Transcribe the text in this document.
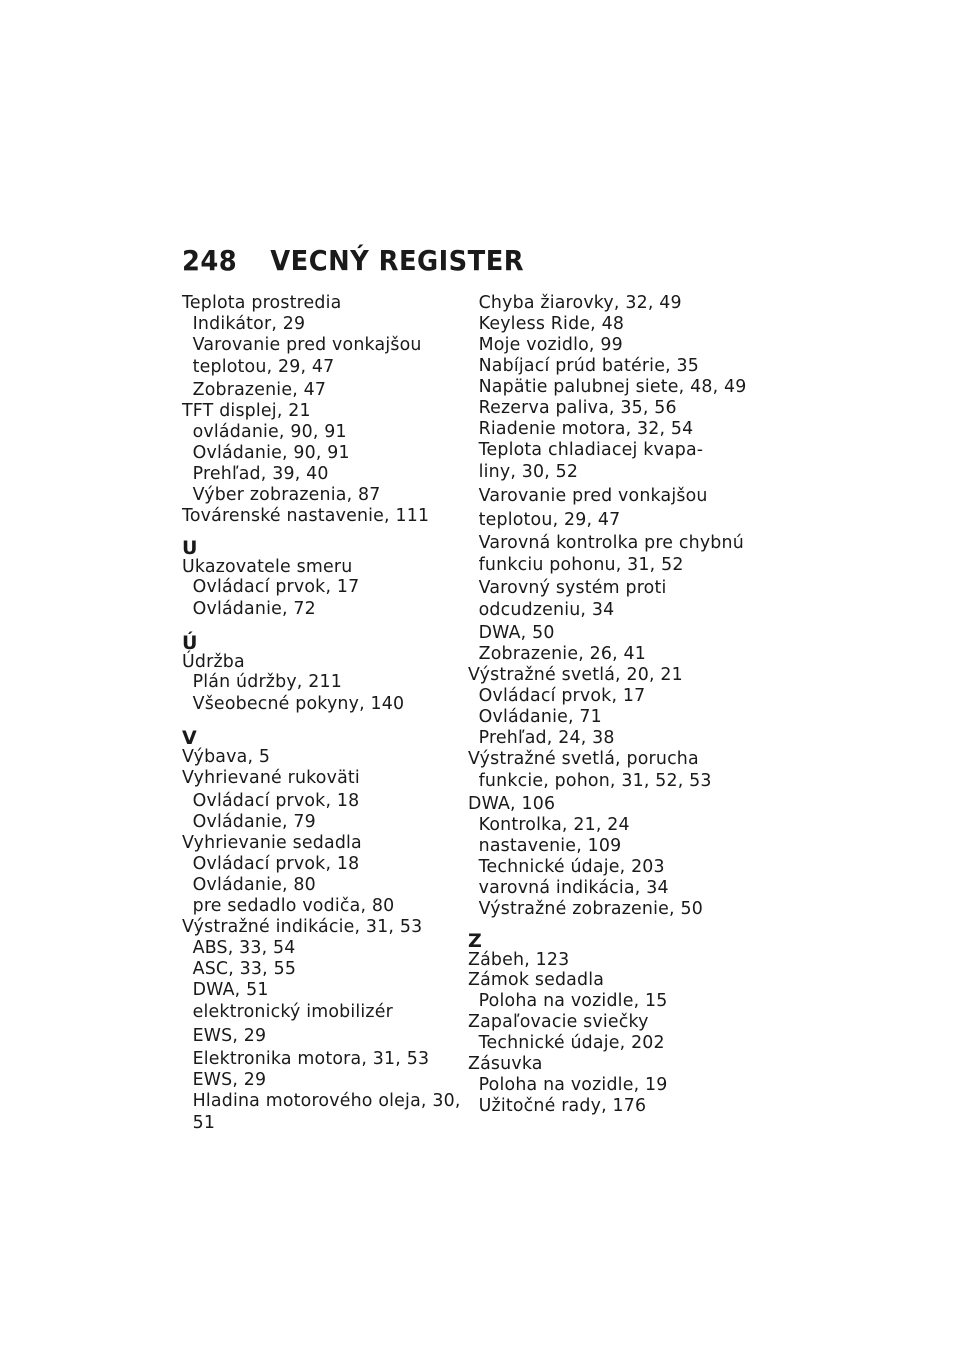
248 VECNÝ REGISTER
Teplota prostredia
Indikátor, 29
Varovanie pred vonkajšou
teplotou, 29, 47
Zobrazenie, 47
TFT displej, 21
ovládanie, 90, 91
Ovládanie, 90, 91
Prehľad, 39, 40
Výber zobrazenia, 87
Továrenské nastavenie, 111
U
Ukazovatele smeru
Ovládací prvok, 17
Ovládanie, 72
Ú
Údržba
Plán údržby, 211
Všeobecné pokyny, 140
V
Výbava, 5
Vyhrievané rukoväti
Ovládací prvok, 18
Ovládanie, 79
Vyhrievanie sedadla
Ovládací prvok, 18
Ovládanie, 80
pre sedadlo vodiča, 80
Výstražné indikácie, 31, 53
ABS, 33, 54
ASC, 33, 55
DWA, 51
elektronický imobilizér
EWS, 29
Elektronika motora, 31, 53
EWS, 29
Hladina motorového oleja, 30,
51
Chyba žiarovky, 32, 49
Keyless Ride, 48
Moje vozidlo, 99
Nabíjací prúd batérie, 35
Napätie palubnej siete, 48, 49
Rezerva paliva, 35, 56
Riadenie motora, 32, 54
Teplota chladiacej kvapa-
liny, 30, 52
Varovanie pred vonkajšou
teplotou, 29, 47
Varovná kontrolka pre chybnú
funkciu pohonu, 31, 52
Varovný systém proti
odcudzeniu, 34
DWA, 50
Zobrazenie, 26, 41
Výstražné svetlá, 20, 21
Ovládací prvok, 17
Ovládanie, 71
Prehľad, 24, 38
Výstražné svetlá, porucha
funkcie, pohon, 31, 52, 53
DWA, 106
Kontrolka, 21, 24
nastavenie, 109
Technické údaje, 203
varovná indikácia, 34
Výstražné zobrazenie, 50
Z
Zábeh, 123
Zámok sedadla
Poloha na vozidle, 15
Zapaľovacie sviečky
Technické údaje, 202
Zásuvka
Poloha na vozidle, 19
Užitočné rady, 176
